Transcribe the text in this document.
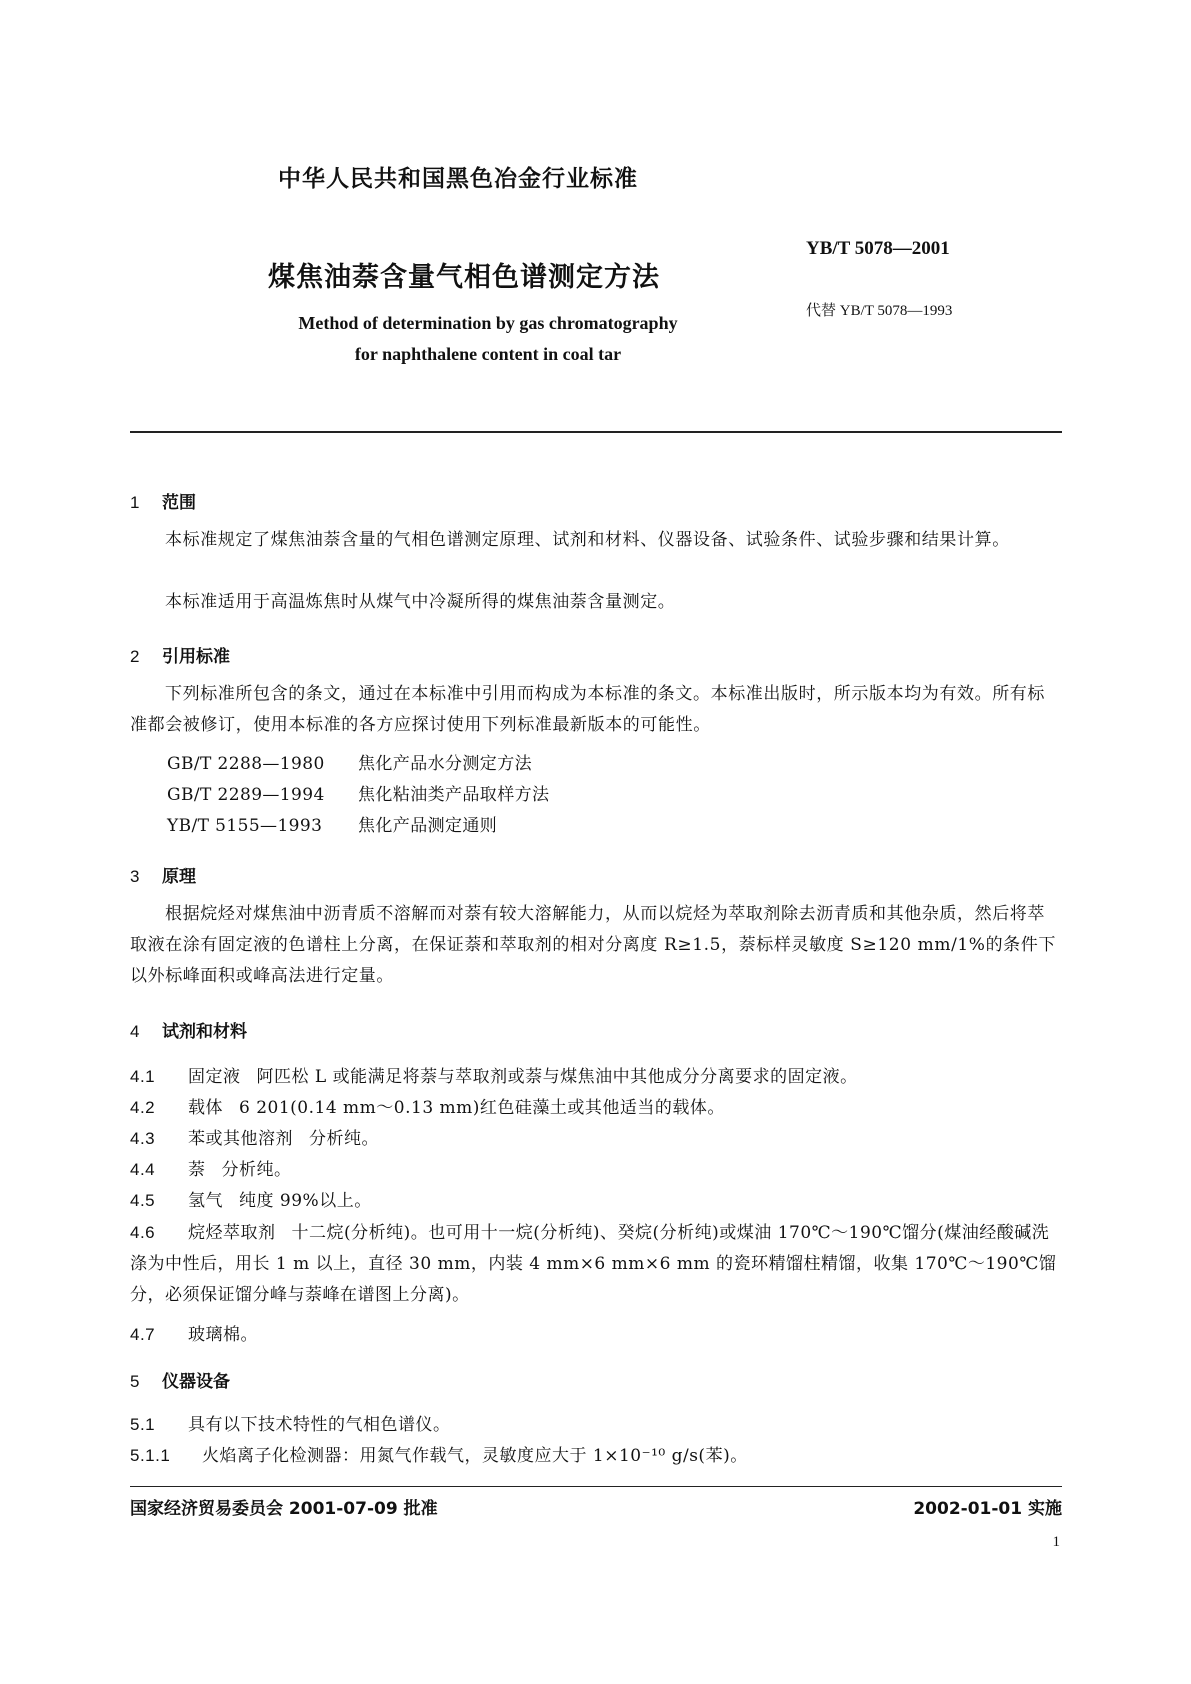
中华人民共和国黑色冶金行业标准
煤焦油萘含量气相色谱测定方法
Method of determination by gas chromatography
for naphthalene content in coal tar
YB/T 5078—2001
代替 YB/T 5078—1993
1 范围
本标准规定了煤焦油萘含量的气相色谱测定原理、试剂和材料、仪器设备、试验条件、试验步骤和结果计算。
本标准适用于高温炼焦时从煤气中冷凝所得的煤焦油萘含量测定。
2 引用标准
下列标准所包含的条文，通过在本标准中引用而构成为本标准的条文。本标准出版时，所示版本均为有效。所有标准都会被修订，使用本标准的各方应探讨使用下列标准最新版本的可能性。
GB/T 2288—1980 焦化产品水分测定方法
GB/T 2289—1994 焦化粘油类产品取样方法
YB/T 5155—1993 焦化产品测定通则
3 原理
根据烷烃对煤焦油中沥青质不溶解而对萘有较大溶解能力，从而以烷烃为萃取剂除去沥青质和其他杂质，然后将萃取液在涂有固定液的色谱柱上分离，在保证萘和萃取剂的相对分离度 R≥1.5，萘标样灵敏度 S≥120 mm/1%的条件下以外标峰面积或峰高法进行定量。
4 试剂和材料
4.1 固定液 阿匹松 L 或能满足将萘与萃取剂或萘与煤焦油中其他成分分离要求的固定液。
4.2 载体 6 201(0.14 mm～0.13 mm)红色硅藻土或其他适当的载体。
4.3 苯或其他溶剂 分析纯。
4.4 萘 分析纯。
4.5 氢气 纯度 99%以上。
4.6 烷烃萃取剂 十二烷(分析纯)。也可用十一烷(分析纯)、癸烷(分析纯)或煤油 170℃～190℃馏分(煤油经酸碱洗涤为中性后，用长 1 m 以上，直径 30 mm，内装 4 mm×6 mm×6 mm 的瓷环精馏柱精馏，收集 170℃～190℃馏分，必须保证馏分峰与萘峰在谱图上分离)。
4.7 玻璃棉。
5 仪器设备
5.1 具有以下技术特性的气相色谱仪。
5.1.1 火焰离子化检测器：用氮气作载气，灵敏度应大于 1×10⁻¹⁰ g/s(苯)。
国家经济贸易委员会 2001-07-09 批准	2002-01-01 实施
1
